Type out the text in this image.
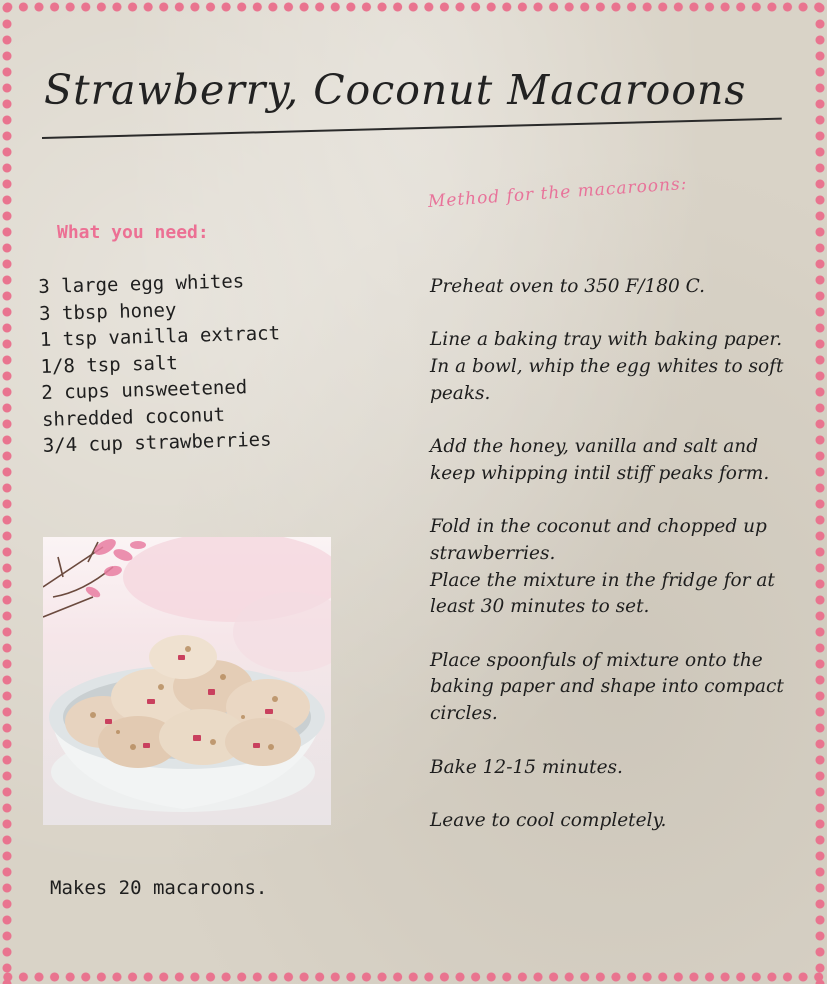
Strawberry, Coconut Macaroons
What you need:
Method for the macaroons:
3 large egg whites
3 tbsp honey
1 tsp vanilla extract
1/8 tsp salt
2 cups unsweetened
shredded coconut
3/4 cup strawberries
Makes 20 macaroons.

Preheat oven to 350 F/180 C.

Line a baking tray with baking paper.
In a bowl, whip the egg whites to soft peaks.

Add the honey, vanilla and salt and keep whipping intil stiff peaks form.

Fold in the coconut and chopped up strawberries.
Place the mixture in the fridge for at least 30 minutes to set.

Place spoonfuls of mixture onto the baking paper and shape into compact circles.

Bake 12-15 minutes.

Leave to cool completely.
